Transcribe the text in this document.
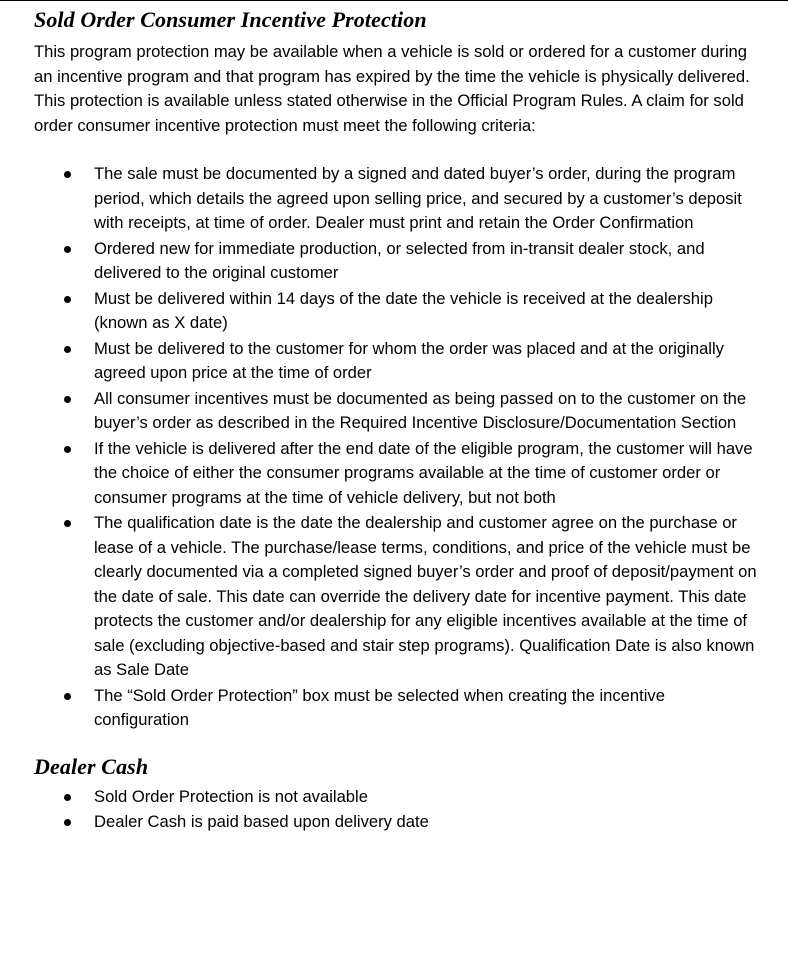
Sold Order Consumer Incentive Protection

This program protection may be available when a vehicle is sold or ordered for a customer during an incentive program and that program has expired by the time the vehicle is physically delivered. This protection is available unless stated otherwise in the Official Program Rules. A claim for sold order consumer incentive protection must meet the following criteria:

The sale must be documented by a signed and dated buyer’s order, during the program period, which details the agreed upon selling price, and secured by a customer’s deposit with receipts, at time of order. Dealer must print and retain the Order Confirmation
Ordered new for immediate production, or selected from in-transit dealer stock, and delivered to the original customer
Must be delivered within 14 days of the date the vehicle is received at the dealership (known as X date)
Must be delivered to the customer for whom the order was placed and at the originally agreed upon price at the time of order
All consumer incentives must be documented as being passed on to the customer on the buyer’s order as described in the Required Incentive Disclosure/Documentation Section
If the vehicle is delivered after the end date of the eligible program, the customer will have the choice of either the consumer programs available at the time of customer order or consumer programs at the time of vehicle delivery, but not both
The qualification date is the date the dealership and customer agree on the purchase or lease of a vehicle. The purchase/lease terms, conditions, and price of the vehicle must be clearly documented via a completed signed buyer’s order and proof of deposit/payment on the date of sale. This date can override the delivery date for incentive payment. This date protects the customer and/or dealership for any eligible incentives available at the time of sale (excluding objective-based and stair step programs). Qualification Date is also known as Sale Date
The “Sold Order Protection” box must be selected when creating the incentive configuration
Dealer Cash
Sold Order Protection is not available
Dealer Cash is paid based upon delivery date
